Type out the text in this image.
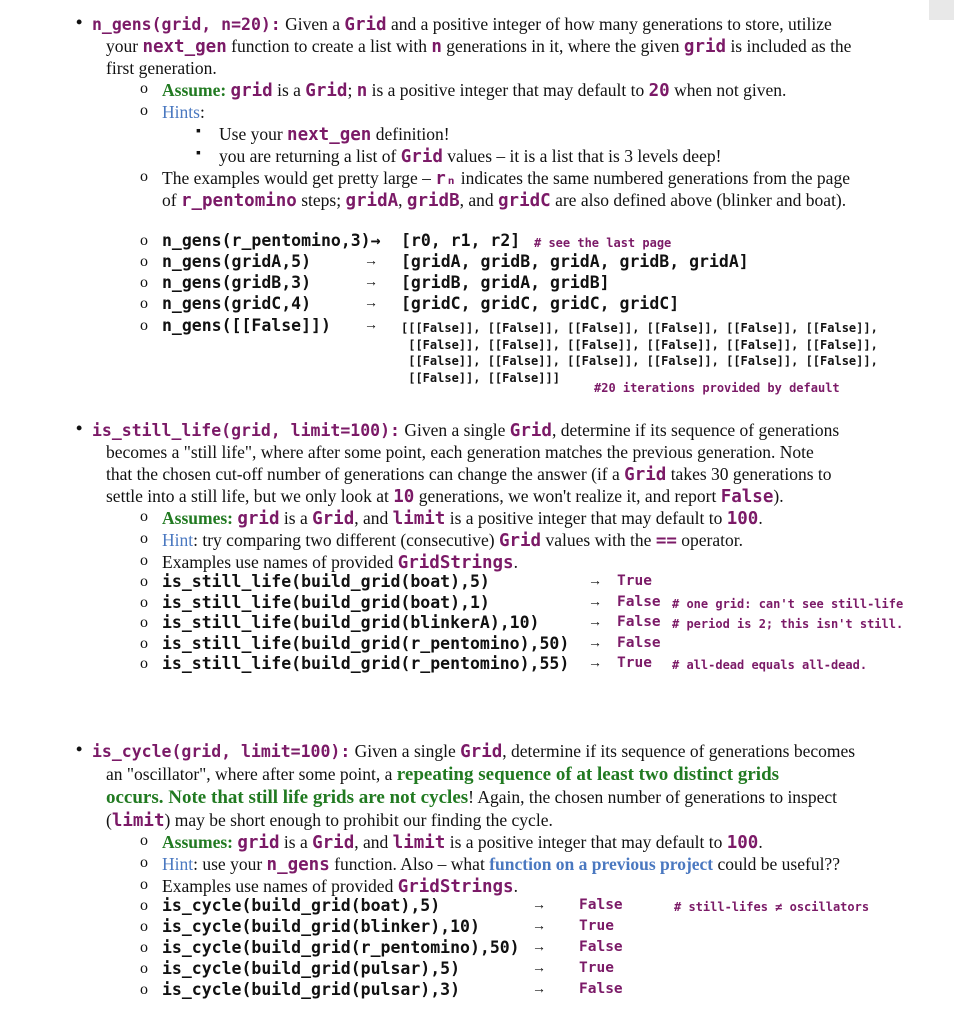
• n_gens(grid, n=20): Given a Grid and a positive integer of how many generations to store, utilize
your next_gen function to create a list with n generations in it, where the given grid is included as the
first generation.
o Assume: grid is a Grid; n is a positive integer that may default to 20 when not given.
o Hints:
▪ Use your next_gen definition!
▪ you are returning a list of Grid values – it is a list that is 3 levels deep!
o The examples would get pretty large – rₙ indicates the same numbered generations from the page
of r_pentomino steps; gridA, gridB, and gridC are also defined above (blinker and boat).
o n_gens(r_pentomino,3)→ [r0, r1, r2] # see the last page
o n_gens(gridA,5)	→ [gridA, gridB, gridA, gridB, gridA]
o n_gens(gridB,3)	→ [gridB, gridA, gridB]
o n_gens(gridC,4)	→ [gridC, gridC, gridC, gridC]
o n_gens([[False]]) → [[[False]], [[False]], [[False]], [[False]], [[False]], [[False]],
[[False]], [[False]], [[False]], [[False]], [[False]], [[False]],
[[False]], [[False]], [[False]], [[False]], [[False]], [[False]],
[[False]], [[False]]]
#20 iterations provided by default
• is_still_life(grid, limit=100): Given a single Grid, determine if its sequence of generations
becomes a "still life", where after some point, each generation matches the previous generation. Note
that the chosen cut-off number of generations can change the answer (if a Grid takes 30 generations to
settle into a still life, but we only look at 10 generations, we won't realize it, and report False).
o Assumes: grid is a Grid, and limit is a positive integer that may default to 100.
o Hint: try comparing two different (consecutive) Grid values with the == operator.
o Examples use names of provided GridStrings.
o is_still_life(build_grid(boat),5)	→ True
o is_still_life(build_grid(boat),1)	→ False # one grid: can't see still-life
o is_still_life(build_grid(blinkerA),10)	→ False # period is 2; this isn't still.
o is_still_life(build_grid(r_pentomino),50) → False
o is_still_life(build_grid(r_pentomino),55) → True # all-dead equals all-dead.
• is_cycle(grid, limit=100): Given a single Grid, determine if its sequence of generations becomes
an "oscillator", where after some point, a repeating sequence of at least two distinct grids
occurs. Note that still life grids are not cycles! Again, the chosen number of generations to inspect
(limit) may be short enough to prohibit our finding the cycle.
o Assumes: grid is a Grid, and limit is a positive integer that may default to 100.
o Hint: use your n_gens function. Also – what function on a previous project could be useful??
o Examples use names of provided GridStrings.
o is_cycle(build_grid(boat),5)	→ False	# still-lifes ≠ oscillators
o is_cycle(build_grid(blinker),10)	→ True
o is_cycle(build_grid(r_pentomino),50) → False
o is_cycle(build_grid(pulsar),5)	→ True
o is_cycle(build_grid(pulsar),3)	→ False
